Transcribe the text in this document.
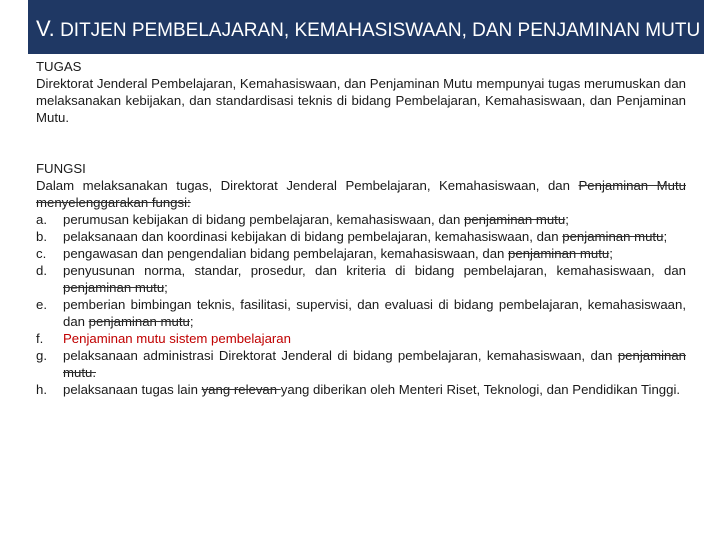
V. DITJEN PEMBELAJARAN, KEMAHASISWAAN, DAN PENJAMINAN MUTU
TUGAS
Direktorat Jenderal Pembelajaran, Kemahasiswaan, dan Penjaminan Mutu mempunyai tugas merumuskan dan melaksanakan kebijakan, dan standardisasi teknis di bidang Pembelajaran, Kemahasiswaan, dan Penjaminan Mutu.
FUNGSI
Dalam melaksanakan tugas, Direktorat Jenderal Pembelajaran, Kemahasiswaan, dan Penjaminan Mutu menyelenggarakan fungsi:
a.	perumusan kebijakan di bidang pembelajaran, kemahasiswaan, dan penjaminan mutu;
b.	pelaksanaan dan koordinasi kebijakan di bidang pembelajaran, kemahasiswaan, dan penjaminan mutu;
c.	pengawasan dan pengendalian bidang pembelajaran, kemahasiswaan, dan penjaminan mutu;
d.	penyusunan norma, standar, prosedur, dan kriteria di bidang pembelajaran, kemahasiswaan, dan penjaminan mutu;
e.	pemberian bimbingan teknis, fasilitasi, supervisi, dan evaluasi di bidang pembelajaran, kemahasiswaan, dan penjaminan mutu;
f.	Penjaminan mutu sistem pembelajaran
g.	pelaksanaan administrasi Direktorat Jenderal di bidang pembelajaran, kemahasiswaan, dan penjaminan mutu.
h.	pelaksanaan tugas lain yang relevan yang diberikan oleh Menteri Riset, Teknologi, dan Pendidikan Tinggi.
